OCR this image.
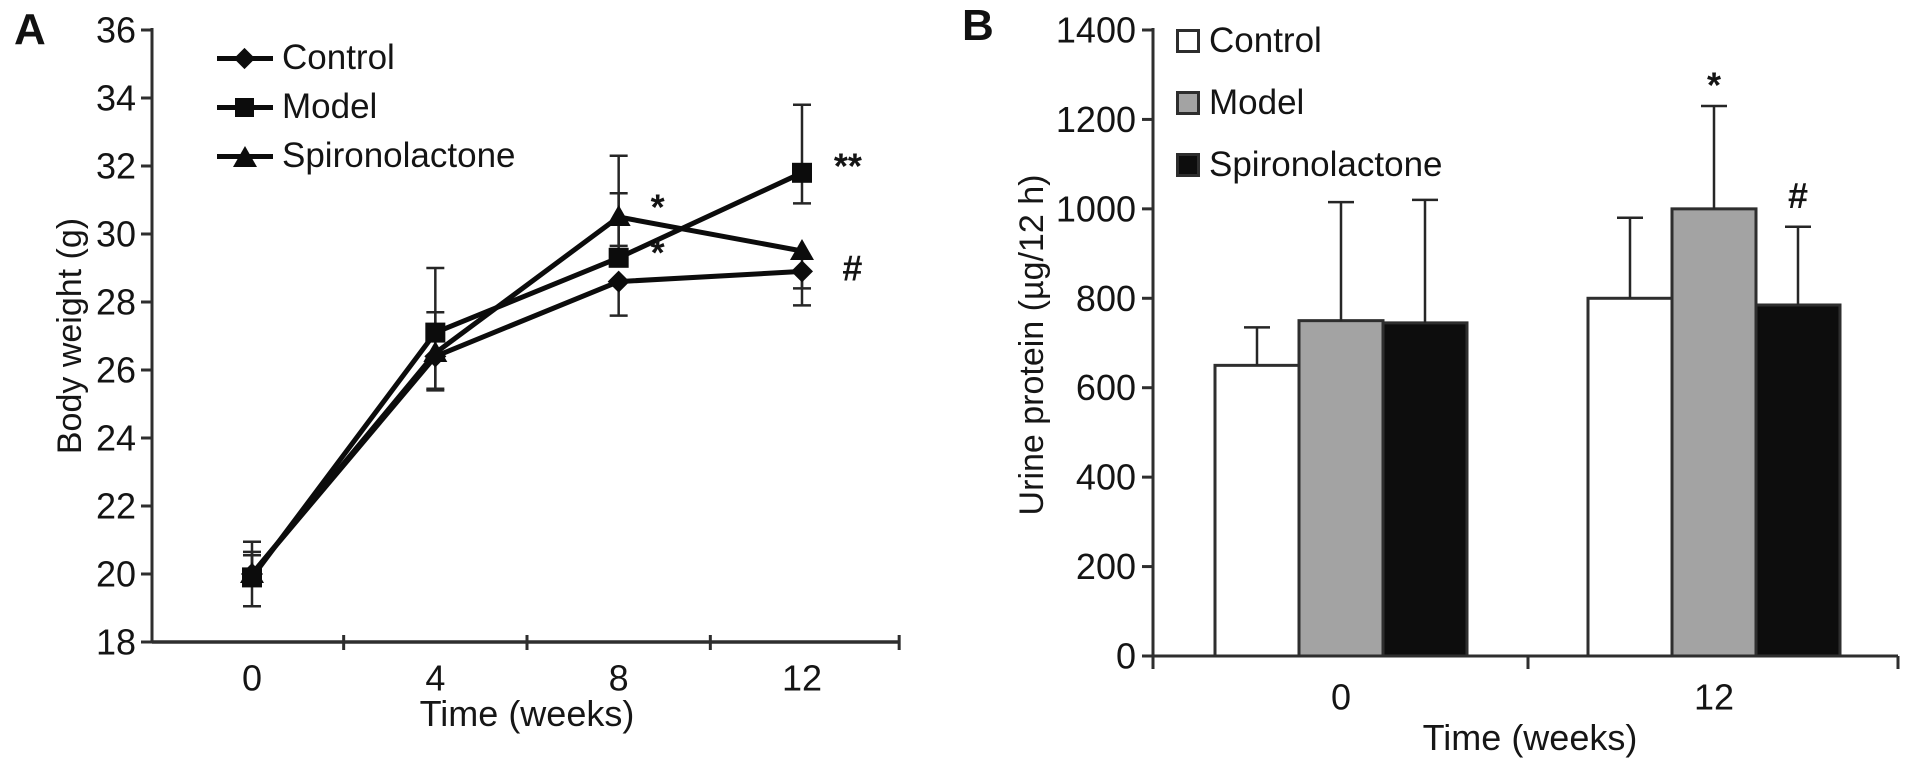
18
20
22
24
26
28
30
32
34
36
0	4	8	12
*
*
**
#
0
200
400
600
800
1000
1200
1400
0	12
*
#
A	B
Body weight (g)	Urine protein (µg/12 h)
Time (weeks)
Time (weeks)
Control
Model
Spironolactone
Control
Model
Spironolactone
